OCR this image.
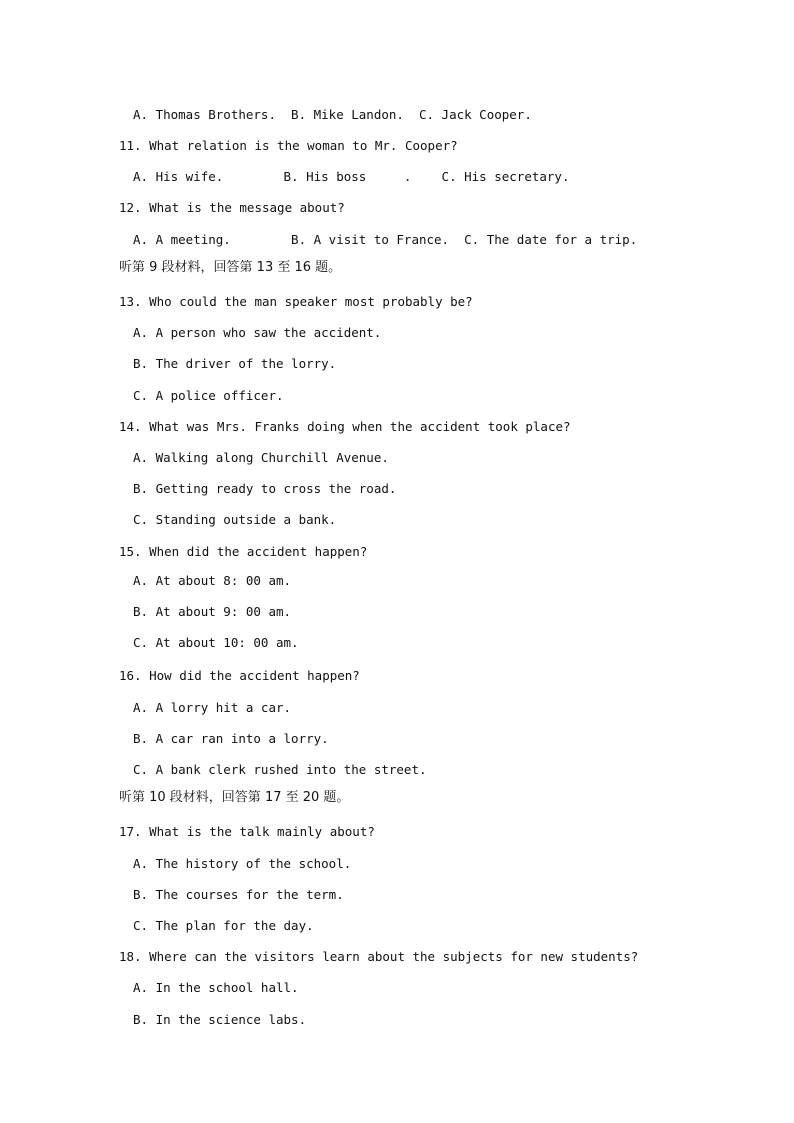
A. Thomas Brothers.  B. Mike Landon.  C. Jack Cooper.
11. What relation is the woman to Mr. Cooper?
A. His wife.        B. His boss     .    C. His secretary.
12. What is the message about?
A. A meeting.        B. A visit to France.  C. The date for a trip.
听第 9 段材料，回答第 13 至 16 题。
13. Who could the man speaker most probably be?
A. A person who saw the accident.
B. The driver of the lorry.
C. A police officer.
14. What was Mrs. Franks doing when the accident took place?
A. Walking along Churchill Avenue.
B. Getting ready to cross the road.
C. Standing outside a bank.
15. When did the accident happen?
A. At about 8: 00 am.
B. At about 9: 00 am.
C. At about 10: 00 am.
16. How did the accident happen?
A. A lorry hit a car.
B. A car ran into a lorry.
C. A bank clerk rushed into the street.
听第 10 段材料，回答第 17 至 20 题。
17. What is the talk mainly about?
A. The history of the school.
B. The courses for the term.
C. The plan for the day.
18. Where can the visitors learn about the subjects for new students?
A. In the school hall.
B. In the science labs.
